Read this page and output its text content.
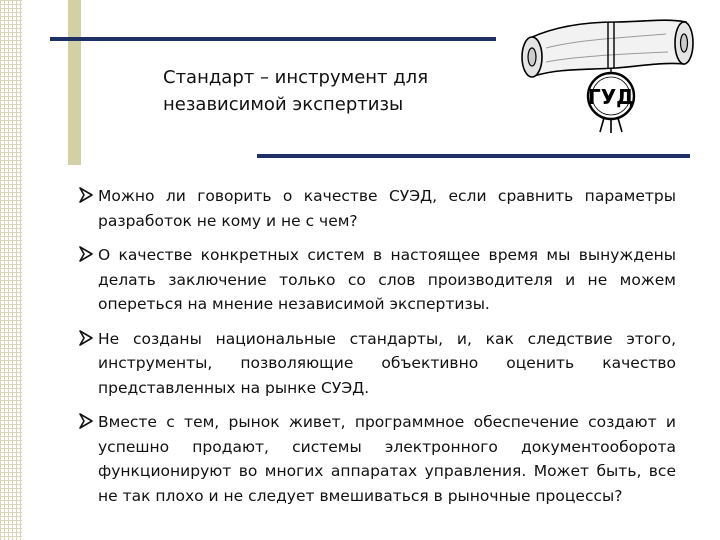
Стандарт – инструмент для
независимой экспертизы	ГУД
Можно ли говорить о качестве СУЭД, если сравнить параметры разработок не кому и не с чем?
О качестве конкретных систем в настоящее время мы вынуждены делать заключение только со слов производителя и не можем опереться на мнение независимой экспертизы.
Не созданы национальные стандарты, и, как следствие этого, инструменты, позволяющие объективно оценить качество представленных на рынке СУЭД.
Вместе с тем, рынок живет, программное обеспечение создают и успешно продают, системы электронного документооборота функционируют во многих аппаратах управления. Может быть, все не так плохо и не следует вмешиваться в рыночные процессы?
